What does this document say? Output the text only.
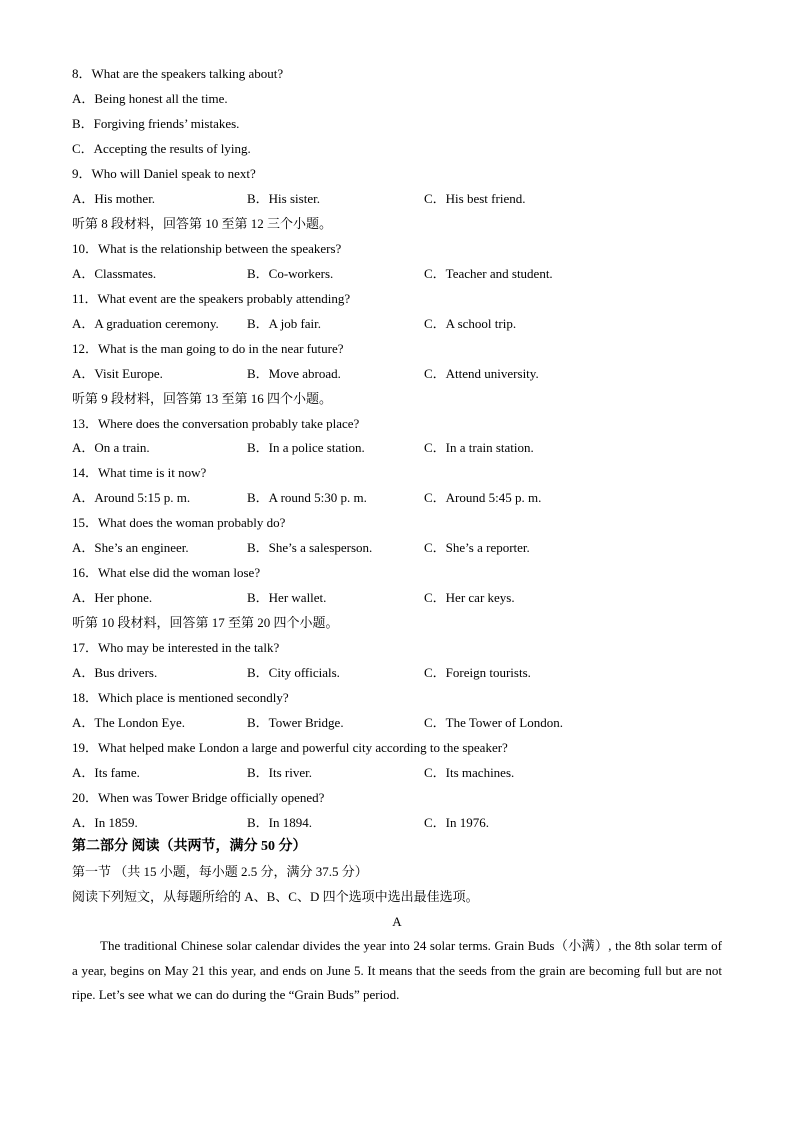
8．What are the speakers talking about?
A．Being honest all the time.
B．Forgiving friends’ mistakes.
C．Accepting the results of lying.
9．Who will Daniel speak to next?
A．His mother.	B．His sister.	C．His best friend.
听第 8 段材料，回答第 10 至第 12 三个小题。
10．What is the relationship between the speakers?
A．Classmates.	B．Co-workers.	C．Teacher and student.
11．What event are the speakers probably attending?
A．A graduation ceremony. B．A job fair.	C．A school trip.
12．What is the man going to do in the near future?
A．Visit Europe.	B．Move abroad.	C．Attend university.
听第 9 段材料，回答第 13 至第 16 四个小题。
13．Where does the conversation probably take place?
A．On a train.	B．In a police station.	C．In a train station.
14．What time is it now?
A．Around 5:15 p. m.	B．A round 5:30 p. m.	C．Around 5:45 p. m.
15．What does the woman probably do?
A．She’s an engineer.	B．She’s a salesperson.	C．She’s a reporter.
16．What else did the woman lose?
A．Her phone.	B．Her wallet.	C．Her car keys.
听第 10 段材料，回答第 17 至第 20 四个小题。
17．Who may be interested in the talk?
A．Bus drivers.	B．City officials.	C．Foreign tourists.
18．Which place is mentioned secondly?
A．The London Eye.	B．Tower Bridge.	C．The Tower of London.
19．What helped make London a large and powerful city according to the speaker?
A．Its fame.	B．Its river.	C．Its machines.
20．When was Tower Bridge officially opened?
A．In 1859.	B．In 1894.	C．In 1976.
第二部分 阅读（共两节，满分 50 分）
第一节 （共 15 小题，每小题 2.5 分，满分 37.5 分）
阅读下列短文，从每题所给的 A、B、C、D 四个选项中选出最佳选项。
A
The traditional Chinese solar calendar divides the year into 24 solar terms. Grain Buds（小满）, the 8th solar term of a year, begins on May 21 this year, and ends on June 5. It means that the seeds from the grain are becoming full but are not ripe. Let’s see what we can do during the “Grain Buds” period.
